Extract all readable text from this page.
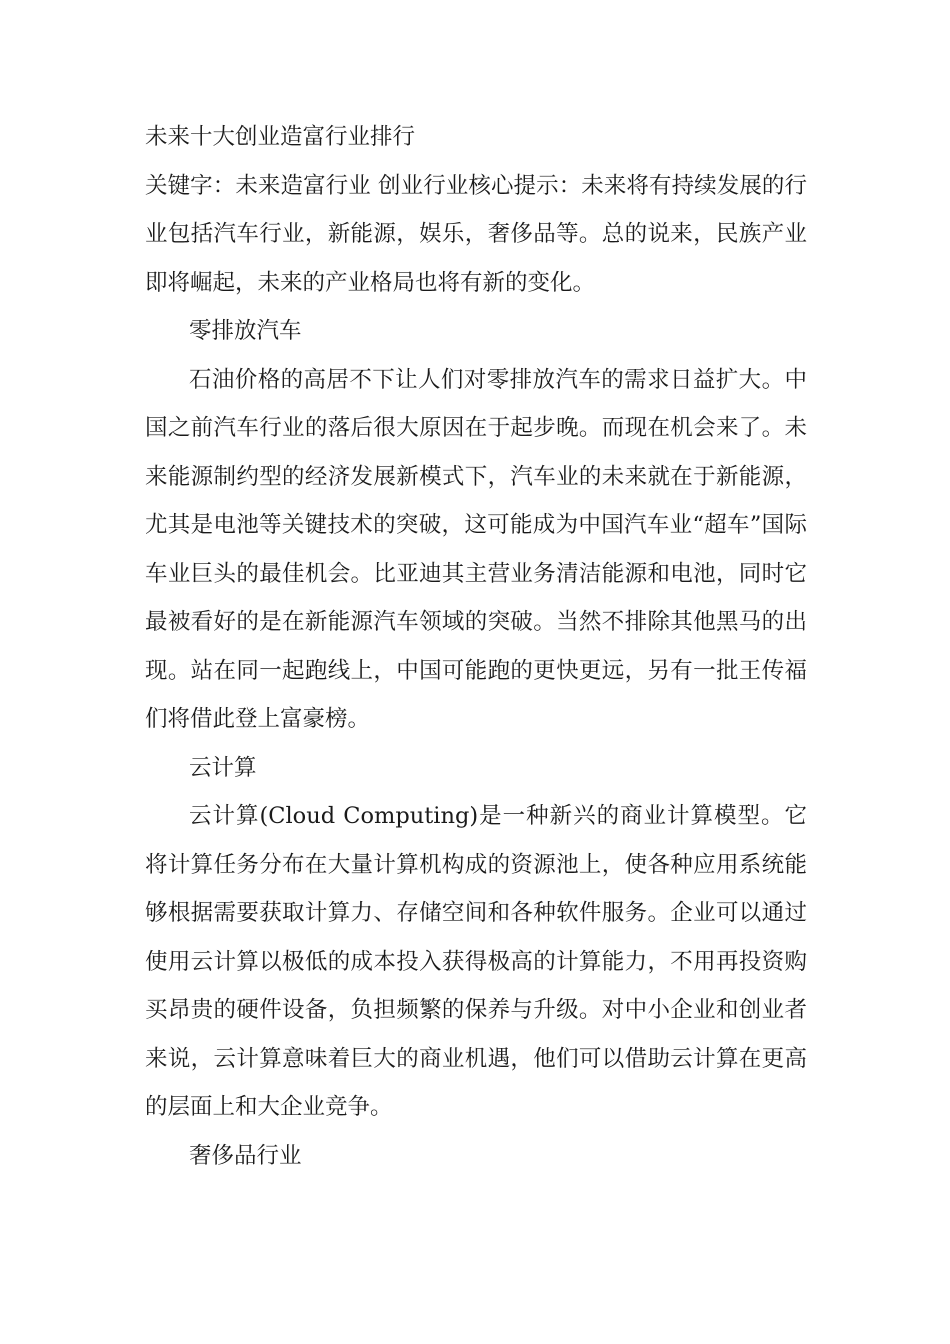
未来十大创业造富行业排行

关键字：未来造富行业 创业行业核心提示：未来将有持续发展的行业包括汽车行业，新能源，娱乐，奢侈品等。总的说来，民族产业即将崛起，未来的产业格局也将有新的变化。

零排放汽车

石油价格的高居不下让人们对零排放汽车的需求日益扩大。中国之前汽车行业的落后很大原因在于起步晚。而现在机会来了。未来能源制约型的经济发展新模式下，汽车业的未来就在于新能源，尤其是电池等关键技术的突破，这可能成为中国汽车业“超车”国际车业巨头的最佳机会。比亚迪其主营业务清洁能源和电池，同时它最被看好的是在新能源汽车领域的突破。当然不排除其他黑马的出现。站在同一起跑线上，中国可能跑的更快更远，另有一批王传福们将借此登上富豪榜。

云计算

云计算(Cloud Computing)是一种新兴的商业计算模型。它将计算任务分布在大量计算机构成的资源池上，使各种应用系统能够根据需要获取计算力、存储空间和各种软件服务。企业可以通过使用云计算以极低的成本投入获得极高的计算能力，不用再投资购买昂贵的硬件设备，负担频繁的保养与升级。对中小企业和创业者来说，云计算意味着巨大的商业机遇，他们可以借助云计算在更高的层面上和大企业竞争。

奢侈品行业
